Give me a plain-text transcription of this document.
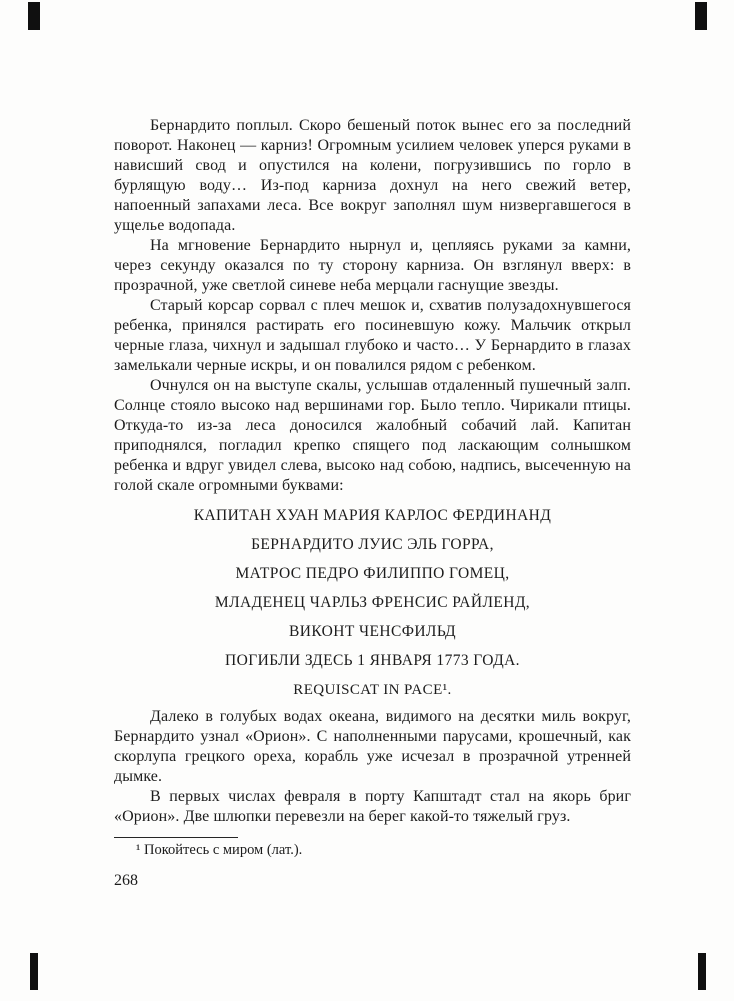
Бернардито поплыл. Скоро бешеный поток вынес его за последний поворот. Наконец — карниз! Огромным усилием человек уперся руками в нависший свод и опустился на колени, погрузившись по горло в бурлящую воду… Из-под карниза дохнул на него свежий ветер, напоенный запахами леса. Все вокруг заполнял шум низвергавшегося в ущелье водопада.

На мгновение Бернардито нырнул и, цепляясь руками за камни, через секунду оказался по ту сторону карниза. Он взглянул вверх: в прозрачной, уже светлой синеве неба мерцали гаснущие звезды.

Старый корсар сорвал с плеч мешок и, схватив полузадохнувшегося ребенка, принялся растирать его посиневшую кожу. Мальчик открыл черные глаза, чихнул и задышал глубоко и часто… У Бернардито в глазах замелькали черные искры, и он повалился рядом с ребенком.

Очнулся он на выступе скалы, услышав отдаленный пушечный залп. Солнце стояло высоко над вершинами гор. Было тепло. Чирикали птицы. Откуда-то из-за леса доносился жалобный собачий лай. Капитан приподнялся, погладил крепко спящего под ласкающим солнышком ребенка и вдруг увидел слева, высоко над собою, надпись, высеченную на голой скале огромными буквами:

КАПИТАН ХУАН МАРИЯ КАРЛОС ФЕРДИНАНД
БЕРНАРДИТО ЛУИС ЭЛЬ ГОРРА,
МАТРОС ПЕДРО ФИЛИППО ГОМЕЦ,
МЛАДЕНЕЦ ЧАРЛЬЗ ФРЕНСИС РАЙЛЕНД,
ВИКОНТ ЧЕНСФИЛЬД
ПОГИБЛИ ЗДЕСЬ 1 ЯНВАРЯ 1773 ГОДА.
REQUISCAT IN PACE¹.

Далеко в голубых водах океана, видимого на десятки миль вокруг, Бернардито узнал «Орион». С наполненными парусами, крошечный, как скорлупа грецкого ореха, корабль уже исчезал в прозрачной утренней дымке.

В первых числах февраля в порту Капштадт стал на якорь бриг «Орион». Две шлюпки перевезли на берег какой-то тяжелый груз.

¹ Покойтесь с миром (лат.).

268
